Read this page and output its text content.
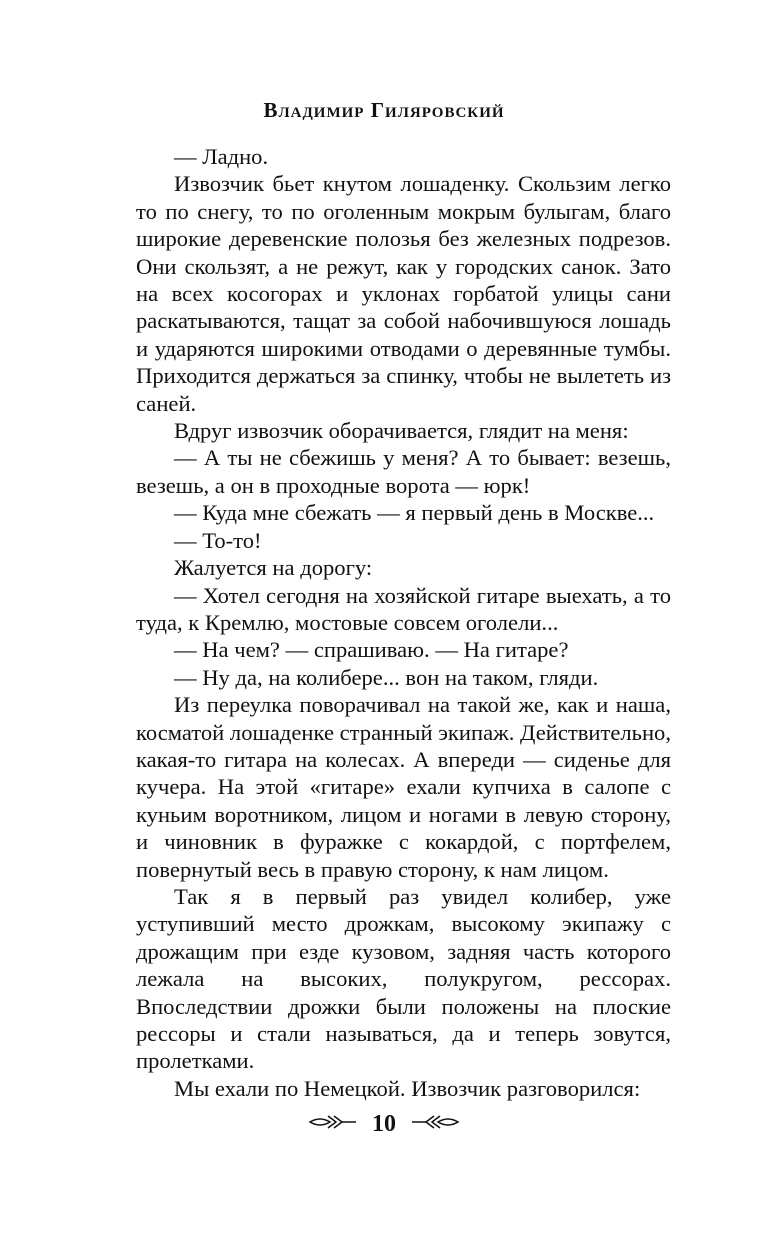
Владимир Гиляровский

— Ладно.

Извозчик бьет кнутом лошаденку. Скользим легко то по снегу, то по оголенным мокрым булыгам, благо широкие деревенские полозья без железных подрезов. Они скользят, а не режут, как у городских санок. Зато на всех косогорах и уклонах горбатой улицы сани раскатываются, тащат за собой набочившуюся лошадь и ударяются широкими отводами о деревянные тумбы. Приходится держаться за спинку, чтобы не вылететь из саней.

Вдруг извозчик оборачивается, глядит на меня:

— А ты не сбежишь у меня? А то бывает: везешь, везешь, а он в проходные ворота — юрк!

— Куда мне сбежать — я первый день в Москве...

— То-то!

Жалуется на дорогу:

— Хотел сегодня на хозяйской гитаре выехать, а то туда, к Кремлю, мостовые совсем оголели...

— На чем? — спрашиваю. — На гитаре?

— Ну да, на колибере... вон на таком, гляди.

Из переулка поворачивал на такой же, как и наша, косматой лошаденке странный экипаж. Действительно, какая-то гитара на колесах. А впереди — сиденье для кучера. На этой «гитаре» ехали купчиха в салопе с куньим воротником, лицом и ногами в левую сторону, и чиновник в фуражке с кокардой, с портфелем, повернутый весь в правую сторону, к нам лицом.

Так я в первый раз увидел колибер, уже уступивший место дрожкам, высокому экипажу с дрожащим при езде кузовом, задняя часть которого лежала на высоких, полукругом, рессорах. Впоследствии дрожки были положены на плоские рессоры и стали называться, да и теперь зовутся, пролетками.

Мы ехали по Немецкой. Извозчик разговорился:

10
